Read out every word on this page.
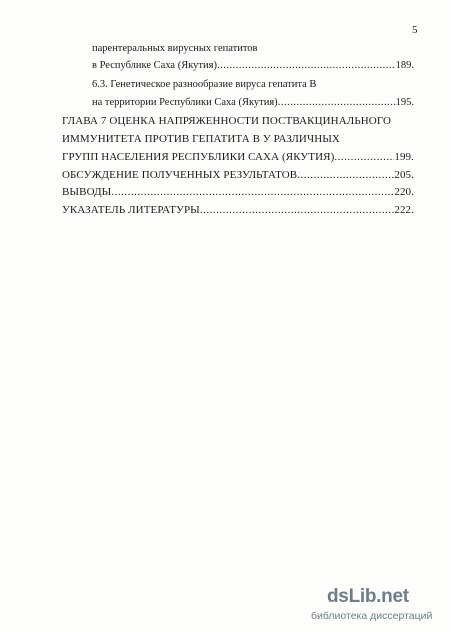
5
парентеральных вирусных гепатитов
в Республике Саха (Якутия) .....	189.
6.3. Генетическое разнообразие вируса гепатита В
на территории Республики Саха (Якутия) .....	195.
ГЛАВА 7 ОЦЕНКА НАПРЯЖЕННОСТИ ПОСТВАКЦИНАЛЬНОГО
ИММУНИТЕТА ПРОТИВ ГЕПАТИТА В У РАЗЛИЧНЫХ
ГРУПП НАСЕЛЕНИЯ РЕСПУБЛИКИ САХА (ЯКУТИЯ) .....	199.
ОБСУЖДЕНИЕ ПОЛУЧЕННЫХ РЕЗУЛЬТАТОВ .....	205.
ВЫВОДЫ .....	220.
УКАЗАТЕЛЬ ЛИТЕРАТУРЫ .....	222.
dsLib.net
библиотека диссертаций
